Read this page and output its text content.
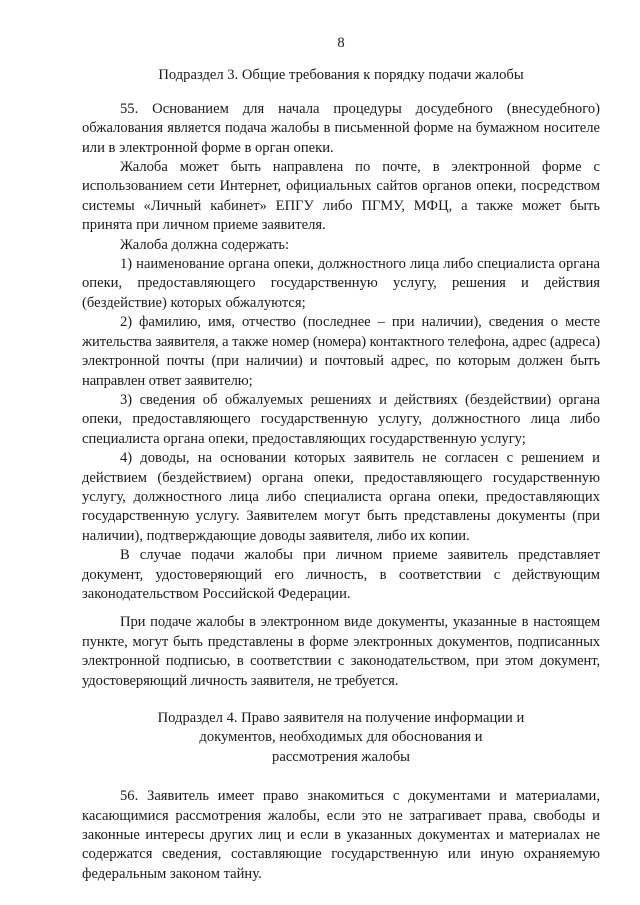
8
Подраздел 3. Общие требования к порядку подачи жалобы

55. Основанием для начала процедуры досудебного (внесудебного) обжалования является подача жалобы в письменной форме на бумажном носителе или в электронной форме в орган опеки.

Жалоба может быть направлена по почте, в электронной форме с использованием сети Интернет, официальных сайтов органов опеки, посредством системы «Личный кабинет» ЕПГУ либо ПГМУ, МФЦ, а также может быть принята при личном приеме заявителя.

Жалоба должна содержать:

1) наименование органа опеки, должностного лица либо специалиста органа опеки, предоставляющего государственную услугу, решения и действия (бездействие) которых обжалуются;

2) фамилию, имя, отчество (последнее – при наличии), сведения о месте жительства заявителя, а также номер (номера) контактного телефона, адрес (адреса) электронной почты (при наличии) и почтовый адрес, по которым должен быть направлен ответ заявителю;

3) сведения об обжалуемых решениях и действиях (бездействии) органа опеки, предоставляющего государственную услугу, должностного лица либо специалиста органа опеки, предоставляющих государственную услугу;

4) доводы, на основании которых заявитель не согласен с решением и действием (бездействием) органа опеки, предоставляющего государственную услугу, должностного лица либо специалиста органа опеки, предоставляющих государственную услугу. Заявителем могут быть представлены документы (при наличии), подтверждающие доводы заявителя, либо их копии.

В случае подачи жалобы при личном приеме заявитель представляет документ, удостоверяющий его личность, в соответствии с действующим законодательством Российской Федерации.

При подаче жалобы в электронном виде документы, указанные в настоящем пункте, могут быть представлены в форме электронных документов, подписанных электронной подписью, в соответствии с законодательством, при этом документ, удостоверяющий личность заявителя, не требуется.

Подраздел 4. Право заявителя на получение информации и
документов, необходимых для обоснования и
рассмотрения жалобы

56. Заявитель имеет право знакомиться с документами и материалами, касающимися рассмотрения жалобы, если это не затрагивает права, свободы и законные интересы других лиц и если в указанных документах и материалах не содержатся сведения, составляющие государственную или иную охраняемую федеральным законом тайну.
